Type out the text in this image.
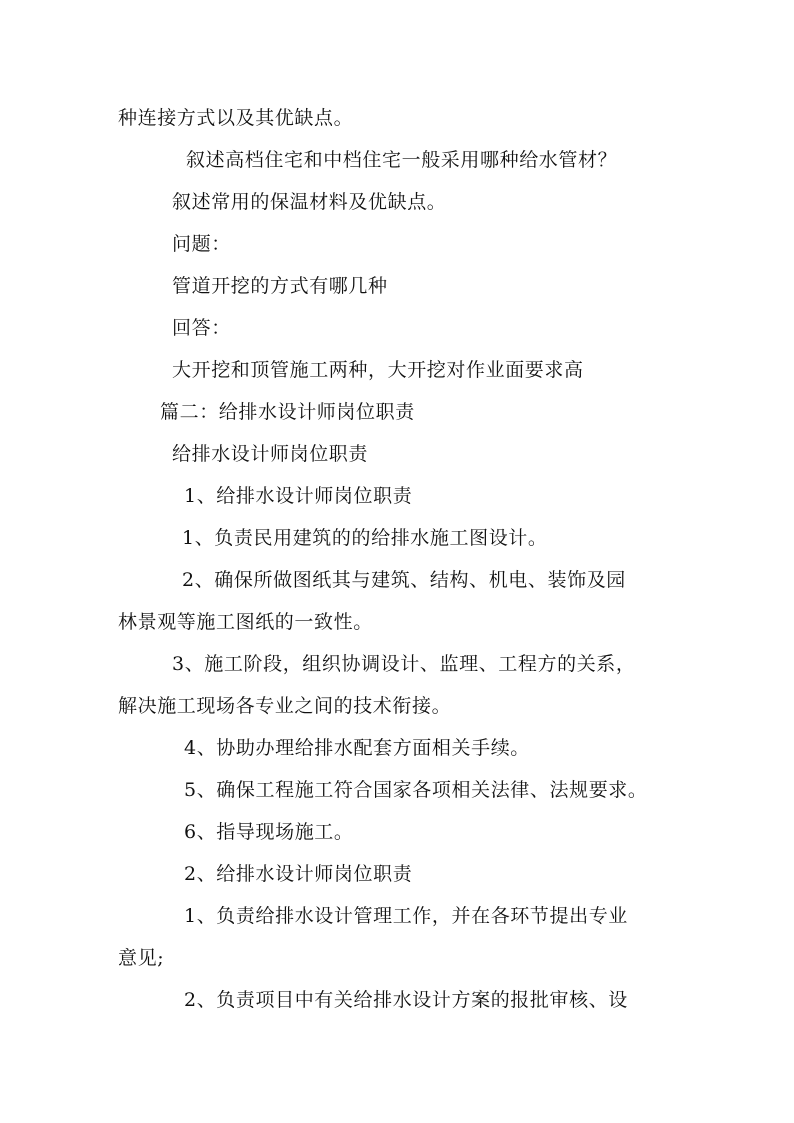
种连接方式以及其优缺点。
叙述高档住宅和中档住宅一般采用哪种给水管材？
叙述常用的保温材料及优缺点。
问题：
管道开挖的方式有哪几种
回答：
大开挖和顶管施工两种，大开挖对作业面要求高
篇二：给排水设计师岗位职责
给排水设计师岗位职责
1、给排水设计师岗位职责
1、负责民用建筑的的给排水施工图设计。
2、确保所做图纸其与建筑、结构、机电、装饰及园
林景观等施工图纸的一致性。
3、施工阶段，组织协调设计、监理、工程方的关系，
解决施工现场各专业之间的技术衔接。
4、协助办理给排水配套方面相关手续。
5、确保工程施工符合国家各项相关法律、法规要求。
6、指导现场施工。
2、给排水设计师岗位职责
1、负责给排水设计管理工作，并在各环节提出专业
意见;
2、负责项目中有关给排水设计方案的报批审核、设
